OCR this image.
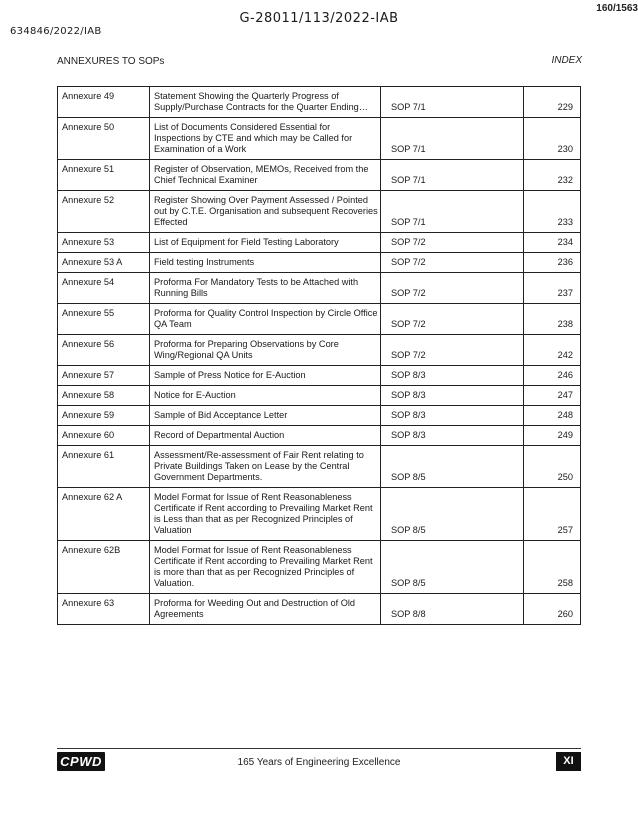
160/1563
G-28011/113/2022-IAB
634846/2022/IAB
ANNEXURES TO SOPs	INDEX
Annexure 49	Statement Showing the Quarterly Progress of Supply/Purchase Contracts for the Quarter Ending…	SOP 7/1	229
Annexure 50	List of Documents Considered Essential for Inspections by CTE and which may be Called for Examination of a Work	SOP 7/1	230
Annexure 51	Register of Observation, MEMOs, Received from the Chief Technical Examiner	SOP 7/1	232
Annexure 52	Register Showing Over Payment Assessed / Pointed out by C.T.E. Organisation and subsequent Recoveries Effected	SOP 7/1	233
Annexure 53	List of Equipment for Field Testing Laboratory	SOP 7/2	234
Annexure 53 A	Field testing Instruments	SOP 7/2	236
Annexure 54	Proforma For Mandatory Tests to be Attached with Running Bills	SOP 7/2	237
Annexure 55	Proforma for Quality Control Inspection by Circle Office QA Team	SOP 7/2	238
Annexure 56	Proforma for Preparing Observations by Core Wing/Regional QA Units	SOP 7/2	242
Annexure 57	Sample of Press Notice for E-Auction	SOP 8/3	246
Annexure 58	Notice for E-Auction	SOP 8/3	247
Annexure 59	Sample of Bid Acceptance Letter	SOP 8/3	248
Annexure 60	Record of Departmental Auction	SOP 8/3	249
Annexure 61	Assessment/Re-assessment of Fair Rent relating to Private Buildings Taken on Lease by the Central Government Departments.	SOP 8/5	250
Annexure 62 A	Model Format for Issue of Rent Reasonableness Certificate if Rent according to Prevailing Market Rent is Less than that as per Recognized Principles of Valuation	SOP 8/5	257
Annexure 62B	Model Format for Issue of Rent Reasonableness Certificate if Rent according to Prevailing Market Rent is more than that as per Recognized Principles of Valuation.	SOP 8/5	258
Annexure 63	Proforma for Weeding Out and Destruction of Old Agreements	SOP 8/8	260
CPWD	165 Years of Engineering Excellence	XI
